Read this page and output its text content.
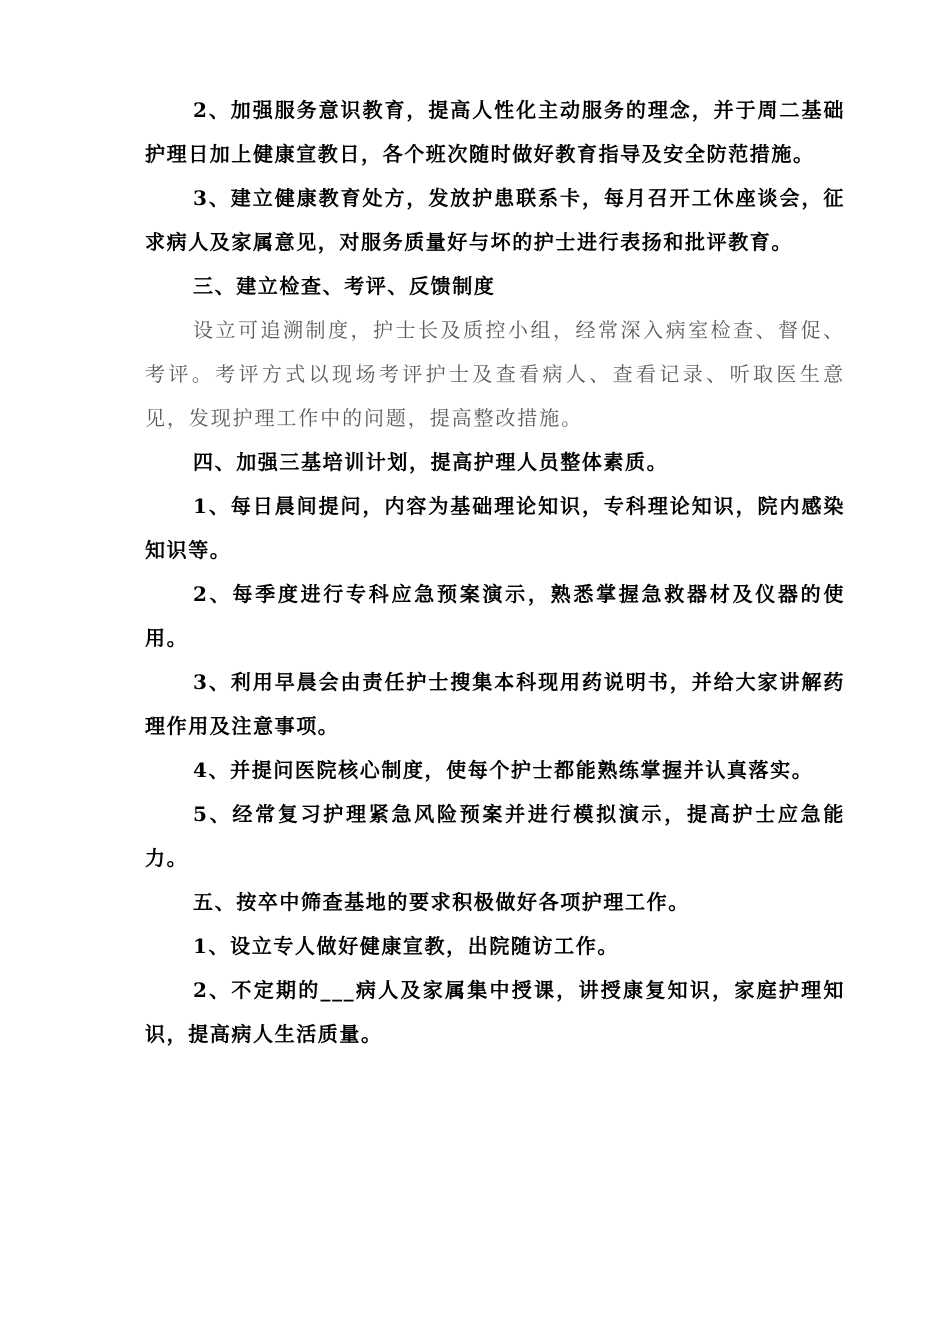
2、加强服务意识教育，提高人性化主动服务的理念，并于周二基础护理日加上健康宣教日，各个班次随时做好教育指导及安全防范措施。

3、建立健康教育处方，发放护患联系卡，每月召开工休座谈会，征求病人及家属意见，对服务质量好与坏的护士进行表扬和批评教育。

三、建立检查、考评、反馈制度

设立可追溯制度，护士长及质控小组，经常深入病室检查、督促、考评。考评方式以现场考评护士及查看病人、查看记录、听取医生意见，发现护理工作中的问题，提高整改措施。

四、加强三基培训计划，提高护理人员整体素质。

1、每日晨间提问，内容为基础理论知识，专科理论知识，院内感染知识等。

2、每季度进行专科应急预案演示，熟悉掌握急救器材及仪器的使用。

3、利用早晨会由责任护士搜集本科现用药说明书，并给大家讲解药理作用及注意事项。

4、并提问医院核心制度，使每个护士都能熟练掌握并认真落实。

5、经常复习护理紧急风险预案并进行模拟演示，提高护士应急能力。

五、按卒中筛查基地的要求积极做好各项护理工作。

1、设立专人做好健康宣教，出院随访工作。

2、不定期的___病人及家属集中授课，讲授康复知识，家庭护理知识，提高病人生活质量。
